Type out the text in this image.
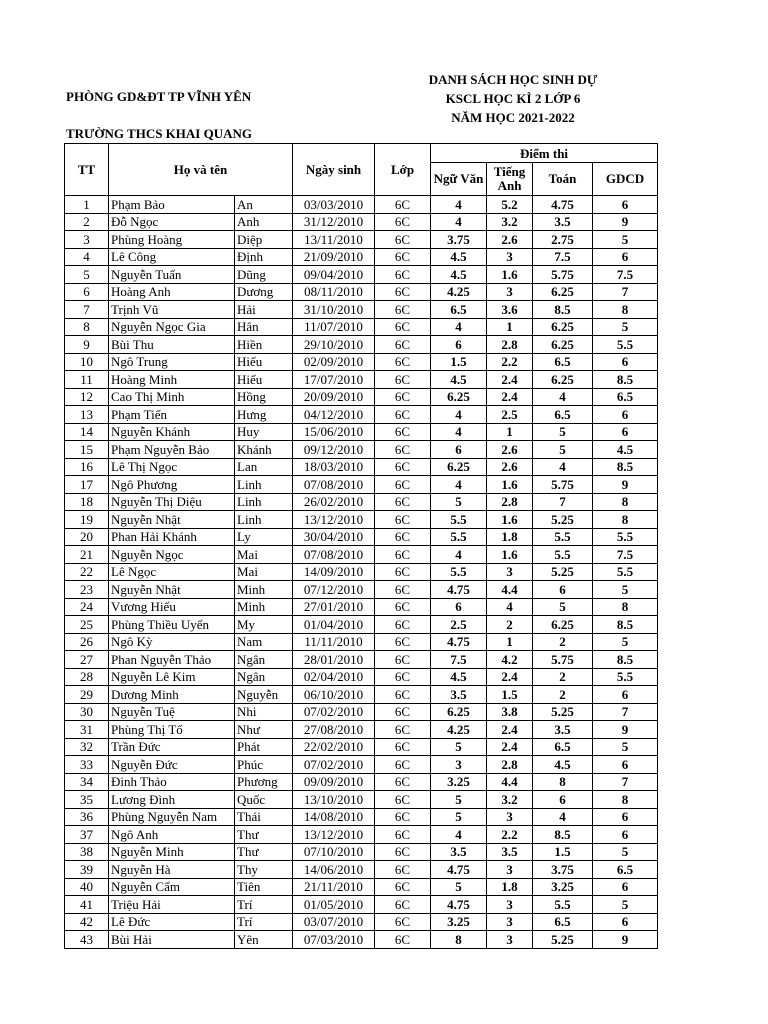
PHÒNG GD&ĐT TP VĨNH YÊN
TRƯỜNG THCS KHAI QUANG
DANH SÁCH HỌC SINH DỰ
KSCL HỌC KÌ 2 LỚP 6
NĂM HỌC 2021-2022
TT	Họ và tên		Ngày sinh	Lớp	Điểm thi			
					Ngữ Văn	Tiếng Anh	Toán	GDCD
1	Phạm Bảo	An	03/03/2010	6C	4	5.2	4.75	6
2	Đỗ Ngọc	Anh	31/12/2010	6C	4	3.2	3.5	9
3	Phùng Hoàng	Diệp	13/11/2010	6C	3.75	2.6	2.75	5
4	Lê Công	Định	21/09/2010	6C	4.5	3	7.5	6
5	Nguyễn Tuấn	Dũng	09/04/2010	6C	4.5	1.6	5.75	7.5
6	Hoàng Anh	Dương	08/11/2010	6C	4.25	3	6.25	7
7	Trịnh Vũ	Hải	31/10/2010	6C	6.5	3.6	8.5	8
8	Nguyễn Ngọc Gia	Hân	11/07/2010	6C	4	1	6.25	5
9	Bùi Thu	Hiền	29/10/2010	6C	6	2.8	6.25	5.5
10	Ngô Trung	Hiếu	02/09/2010	6C	1.5	2.2	6.5	6
11	Hoàng Minh	Hiếu	17/07/2010	6C	4.5	2.4	6.25	8.5
12	Cao Thị Minh	Hồng	20/09/2010	6C	6.25	2.4	4	6.5
13	Phạm Tiến	Hưng	04/12/2010	6C	4	2.5	6.5	6
14	Nguyễn Khánh	Huy	15/06/2010	6C	4	1	5	6
15	Phạm Nguyễn Bảo	Khánh	09/12/2010	6C	6	2.6	5	4.5
16	Lê Thị Ngọc	Lan	18/03/2010	6C	6.25	2.6	4	8.5
17	Ngô Phương	Linh	07/08/2010	6C	4	1.6	5.75	9
18	Nguyễn Thị Diệu	Linh	26/02/2010	6C	5	2.8	7	8
19	Nguyễn Nhật	Linh	13/12/2010	6C	5.5	1.6	5.25	8
20	Phan Hải Khánh	Ly	30/04/2010	6C	5.5	1.8	5.5	5.5
21	Nguyễn Ngọc	Mai	07/08/2010	6C	4	1.6	5.5	7.5
22	Lê Ngọc	Mai	14/09/2010	6C	5.5	3	5.25	5.5
23	Nguyễn Nhật	Minh	07/12/2010	6C	4.75	4.4	6	5
24	Vương Hiếu	Minh	27/01/2010	6C	6	4	5	8
25	Phùng Thiều Uyển	My	01/04/2010	6C	2.5	2	6.25	8.5
26	Ngô Kỳ	Nam	11/11/2010	6C	4.75	1	2	5
27	Phan Nguyễn Thảo	Ngân	28/01/2010	6C	7.5	4.2	5.75	8.5
28	Nguyễn Lê Kim	Ngân	02/04/2010	6C	4.5	2.4	2	5.5
29	Dương Minh	Nguyễn	06/10/2010	6C	3.5	1.5	2	6
30	Nguyễn Tuệ	Nhi	07/02/2010	6C	6.25	3.8	5.25	7
31	Phùng Thị Tố	Như	27/08/2010	6C	4.25	2.4	3.5	9
32	Trần Đức	Phát	22/02/2010	6C	5	2.4	6.5	5
33	Nguyễn Đức	Phúc	07/02/2010	6C	3	2.8	4.5	6
34	Đinh Thảo	Phương	09/09/2010	6C	3.25	4.4	8	7
35	Lương Đình	Quốc	13/10/2010	6C	5	3.2	6	8
36	Phùng Nguyễn Nam	Thái	14/08/2010	6C	5	3	4	6
37	Ngô Anh	Thư	13/12/2010	6C	4	2.2	8.5	6
38	Nguyễn Minh	Thư	07/10/2010	6C	3.5	3.5	1.5	5
39	Nguyễn Hà	Thy	14/06/2010	6C	4.75	3	3.75	6.5
40	Nguyễn Cẩm	Tiên	21/11/2010	6C	5	1.8	3.25	6
41	Triệu Hải	Trí	01/05/2010	6C	4.75	3	5.5	5
42	Lê Đức	Trí	03/07/2010	6C	3.25	3	6.5	6
43	Bùi Hải	Yên	07/03/2010	6C	8	3	5.25	9
